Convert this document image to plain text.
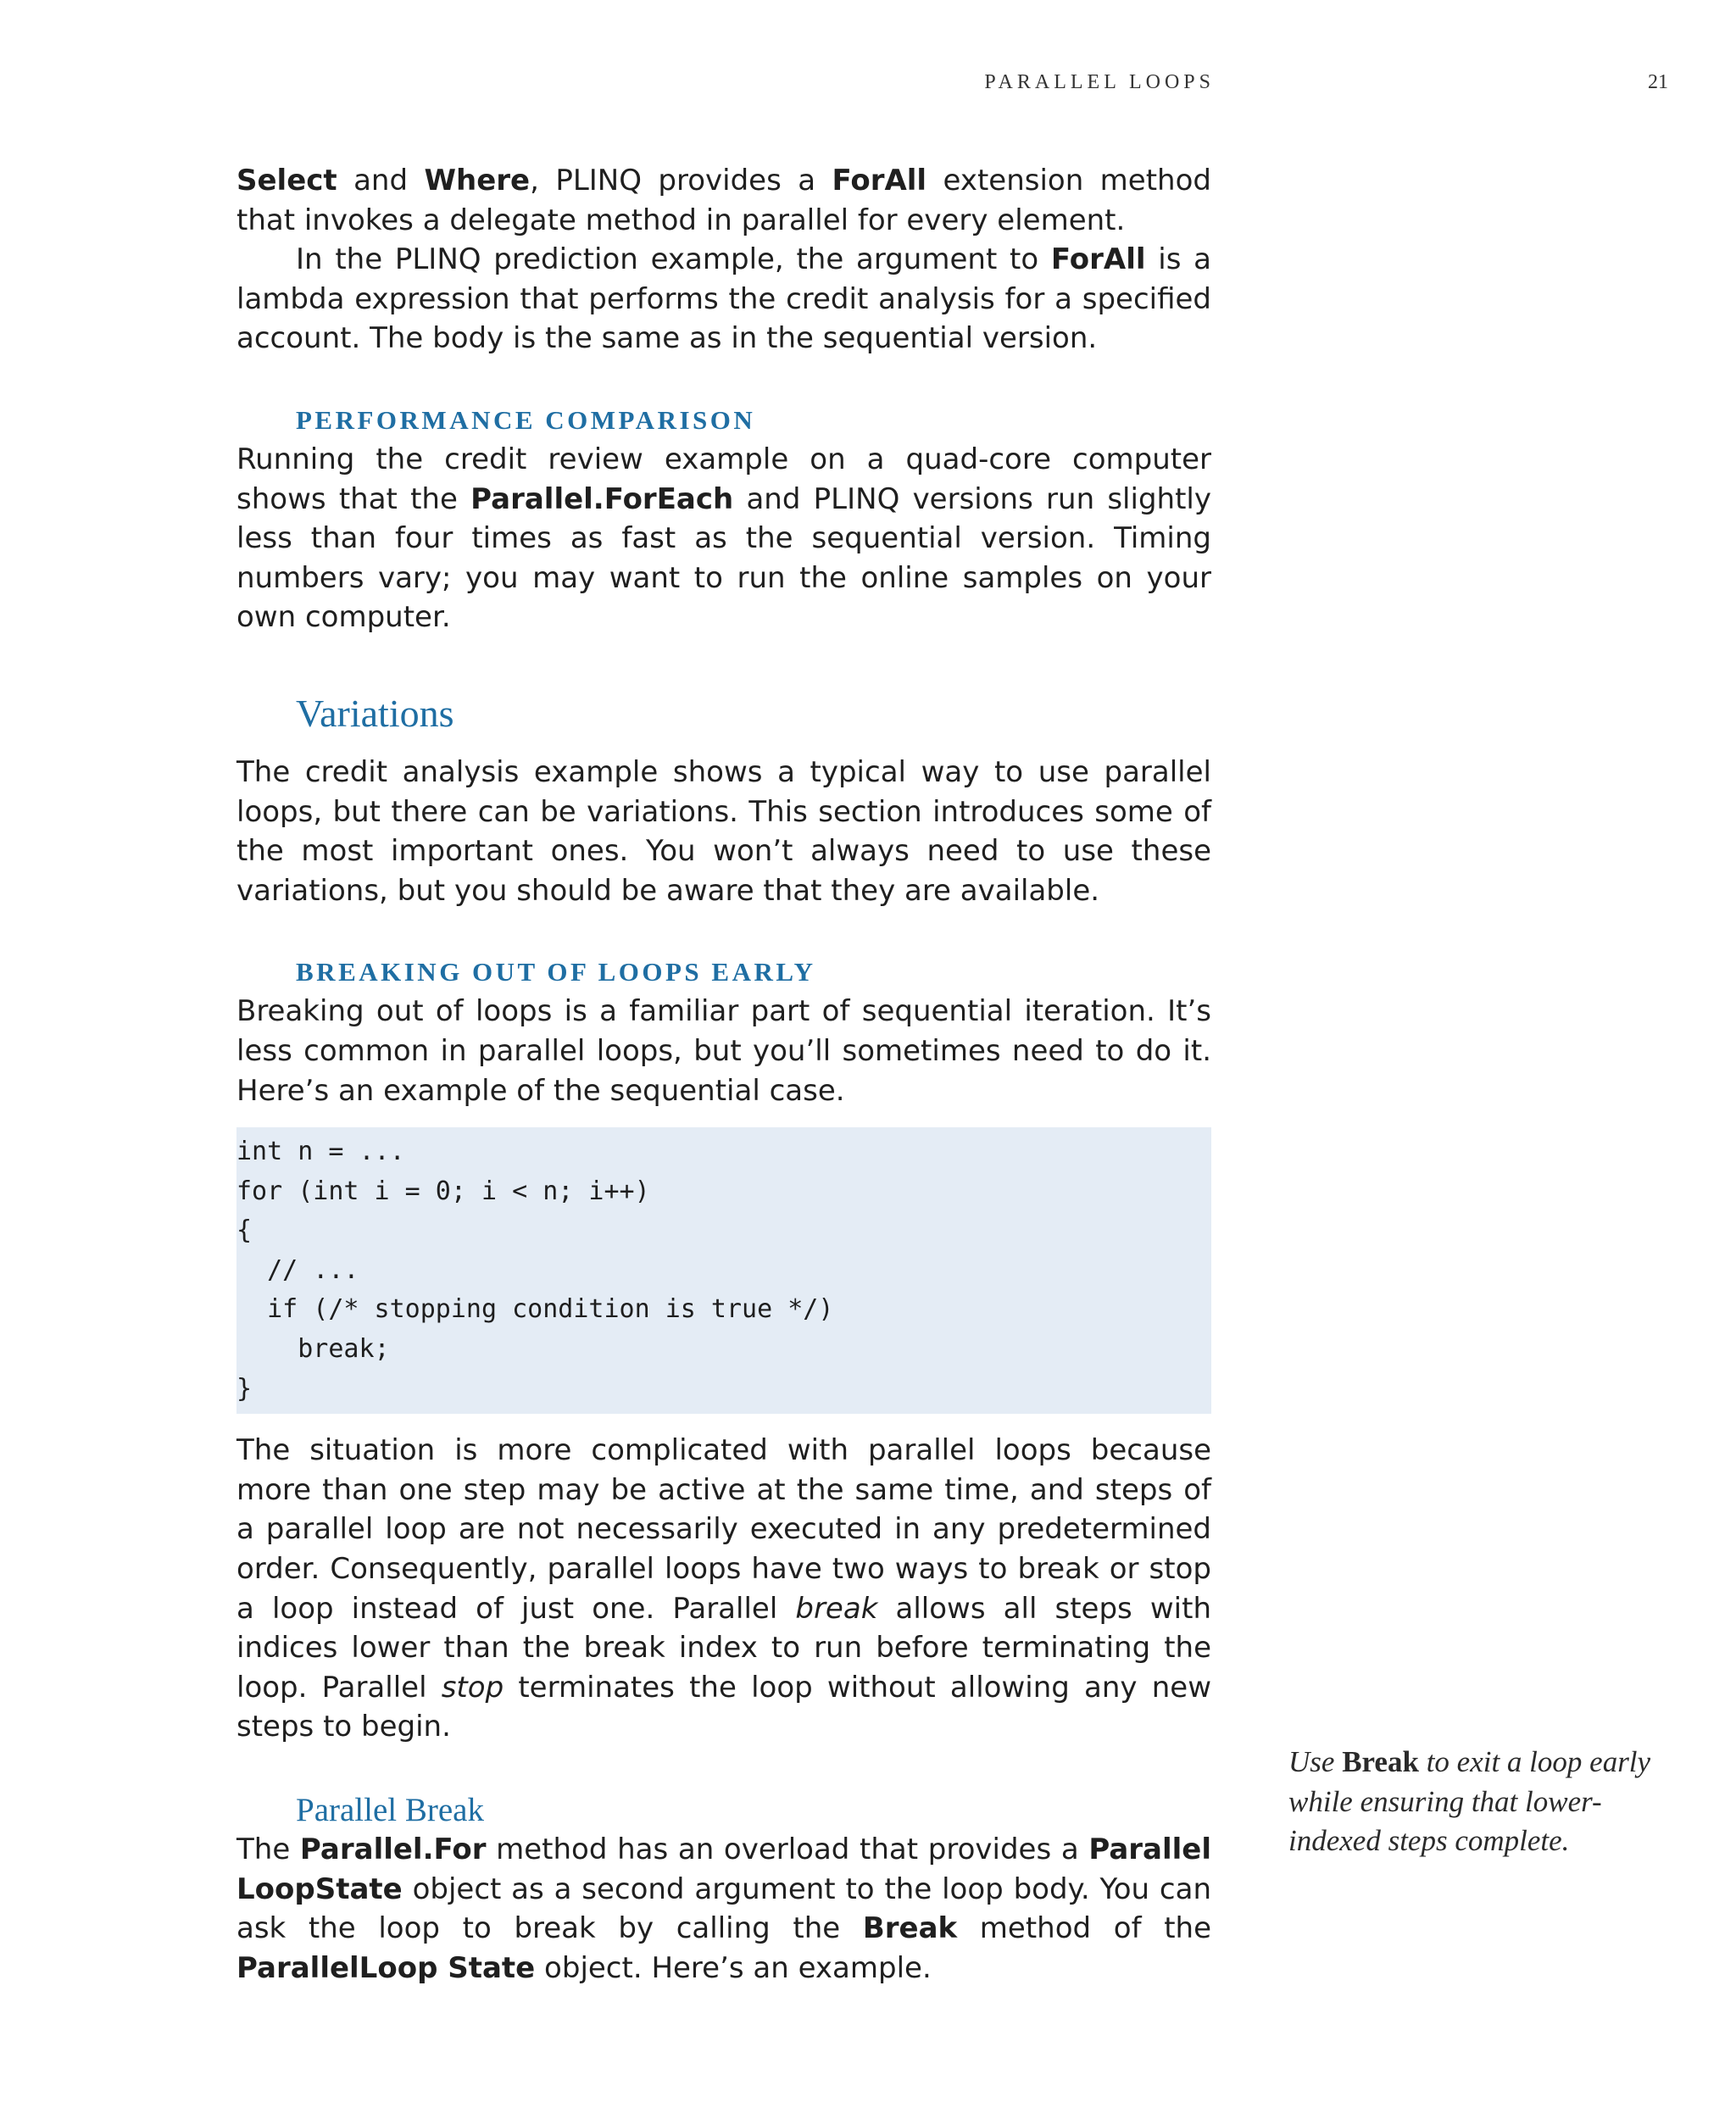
PARALLEL LOOPS	21

Select and Where, PLINQ provides a ForAll extension method that invokes a delegate method in parallel for every element.

In the PLINQ prediction example, the argument to ForAll is a lambda expression that performs the credit analysis for a specified account. The body is the same as in the sequential version.

PERFORMANCE COMPARISON

Running the credit review example on a quad-core computer shows that the Parallel.ForEach and PLINQ versions run slightly less than four times as fast as the sequential version. Timing numbers vary; you may want to run the online samples on your own computer.

Variations

The credit analysis example shows a typical way to use parallel loops, but there can be variations. This section introduces some of the most important ones. You won’t always need to use these variations, but you should be aware that they are available.

BREAKING OUT OF LOOPS EARLY

Breaking out of loops is a familiar part of sequential iteration. It’s less common in parallel loops, but you’ll sometimes need to do it. Here’s an example of the sequential case.

int n = ...
for (int i = 0; i < n; i++)
{
// ...
if (/* stopping condition is true */)
break;
}

The situation is more complicated with parallel loops because more than one step may be active at the same time, and steps of a parallel loop are not necessarily executed in any predetermined order. Consequently, parallel loops have two ways to break or stop a loop instead of just one. Parallel break allows all steps with indices lower than the break index to run before terminating the loop. Parallel stop terminates the loop without allowing any new steps to begin.

Parallel Break

The Parallel.For method has an overload that provides a Parallel LoopState object as a second argument to the loop body. You can ask the loop to break by calling the Break method of the ParallelLoop State object. Here’s an example.

Use Break to exit a loop early while ensuring that lower-indexed steps complete.
